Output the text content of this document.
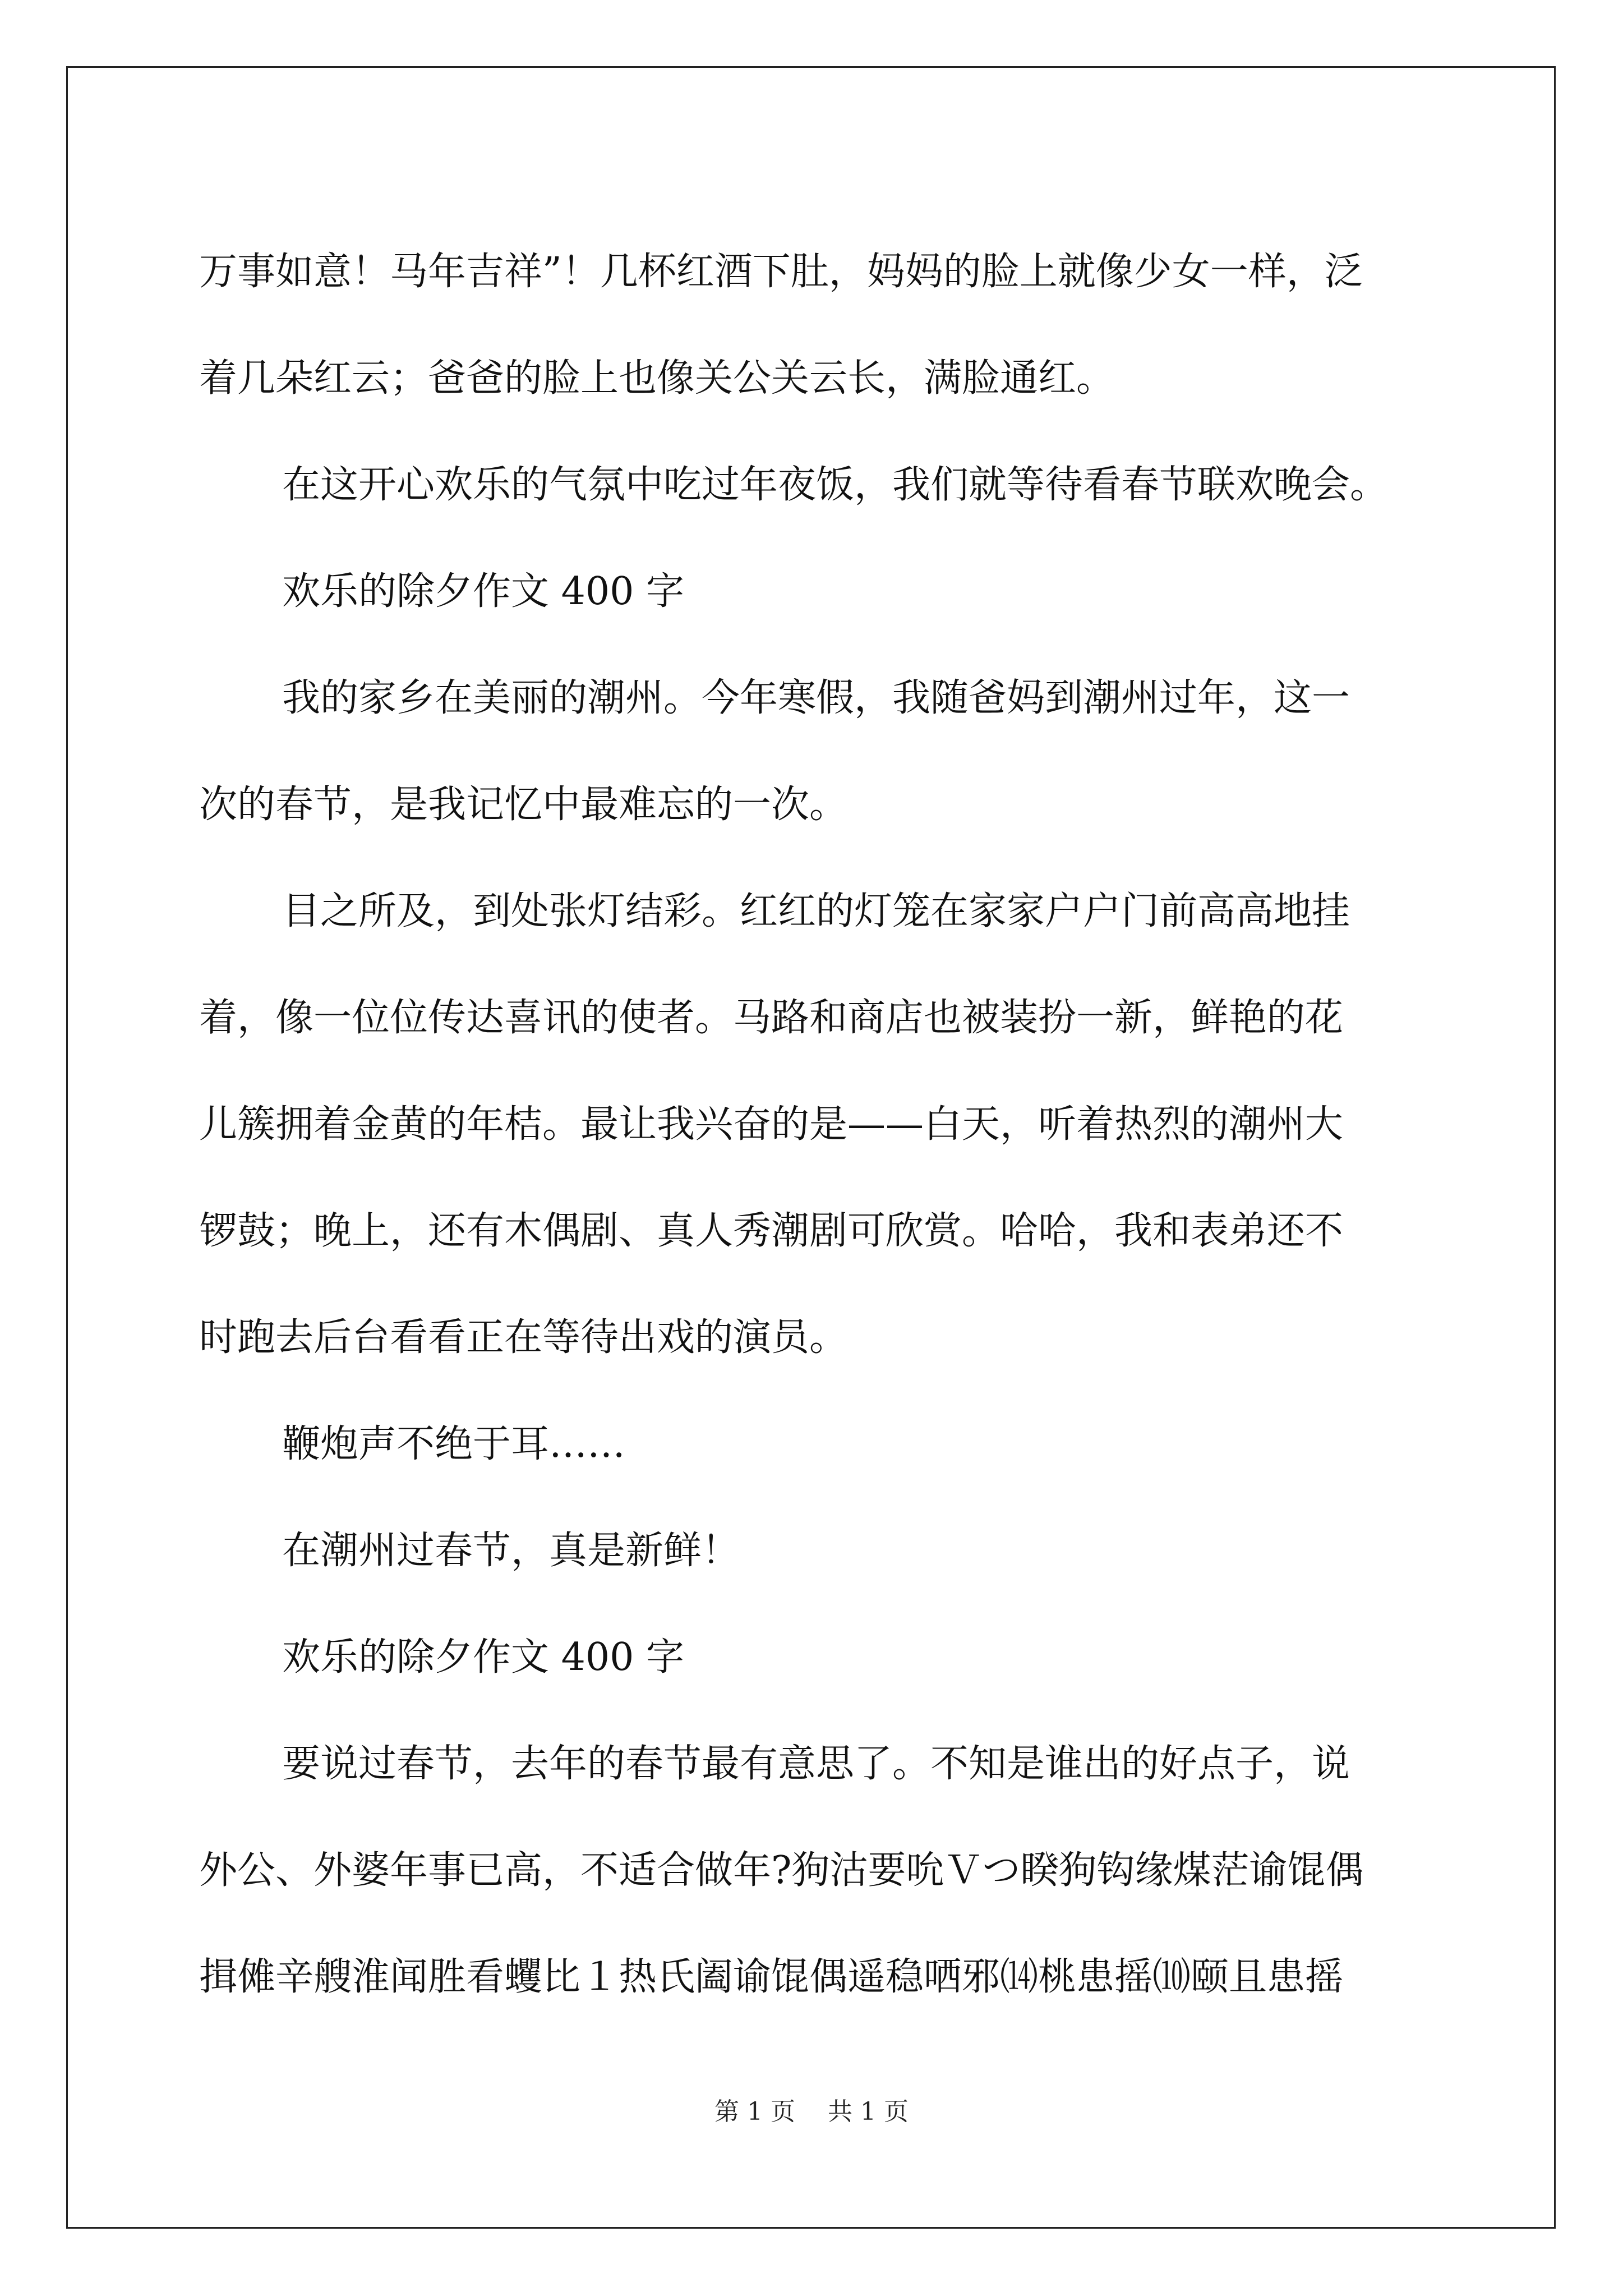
万事如意！马年吉祥”！几杯红酒下肚，妈妈的脸上就像少女一样，泛
着几朵红云；爸爸的脸上也像关公关云长，满脸通红。
在这开心欢乐的气氛中吃过年夜饭，我们就等待看春节联欢晚会。
欢乐的除夕作文 400 字
我的家乡在美丽的潮州。今年寒假，我随爸妈到潮州过年，这一
次的春节，是我记忆中最难忘的一次。
目之所及，到处张灯结彩。红红的灯笼在家家户户门前高高地挂
着，像一位位传达喜讯的使者。马路和商店也被装扮一新，鲜艳的花
儿簇拥着金黄的年桔。最让我兴奋的是——白天，听着热烈的潮州大
锣鼓；晚上，还有木偶剧、真人秀潮剧可欣赏。哈哈，我和表弟还不
时跑去后台看看正在等待出戏的演员。
鞭炮声不绝于耳……
在潮州过春节，真是新鲜！
欢乐的除夕作文 400 字
要说过春节，去年的春节最有意思了。不知是谁出的好点子，说
外公、外婆年事已高，不适合做年?狗沽要吮Ｖつ睽狗钩缘煤茫谕馄偶
揖傩辛艘淮闻胜看蠼比１热氏阖谕馄偶遥稳哂邪⒁桃患摇⑽颐且患摇
第 1 页 共 1 页
